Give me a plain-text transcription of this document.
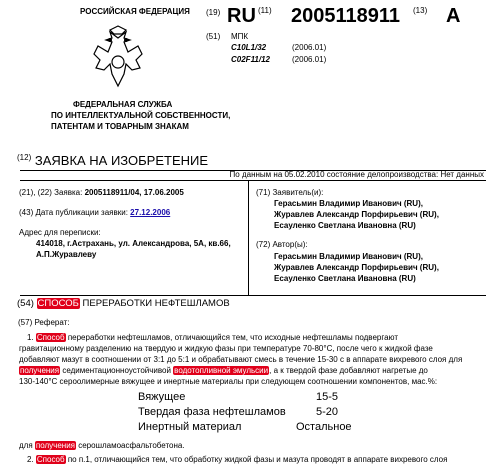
РОССИЙСКАЯ ФЕДЕРАЦИЯ
ФЕДЕРАЛЬНАЯ СЛУЖБА
ПО ИНТЕЛЛЕКТУАЛЬНОЙ СОБСТВЕННОСТИ,
ПАТЕНТАМ И ТОВАРНЫМ ЗНАКАМ
(19) RU (11) 2005118911 (13) A
(51) МПК
C10L1/32	(2006.01)
C02F11/12	(2006.01)
$^{(12)}$ ЗАЯВКА НА ИЗОБРЕТЕНИЕ
По данным на 05.02.2010 состояние делопроизводства: Нет данных
(21), (22) Заявка: 2005118911/04, 17.06.2005
(43) Дата публикации заявки: 27.12.2006
Адрес для переписки:
414018, г.Астрахань, ул. Александрова, 5А, кв.66,
А.П.Журавлеву
(71) Заявитель(и):
Герасьмин Владимир Иванович (RU),
Журавлев Александр Порфирьевич (RU),
Есауленко Светлана Ивановна (RU)
(72) Автор(ы):
Герасьмин Владимир Иванович (RU),
Журавлев Александр Порфирьевич (RU),
Есауленко Светлана Ивановна (RU)
(54) СПОСОБ ПЕРЕРАБОТКИ НЕФТЕШЛАМОВ
(57) Реферат:
1. Способ переработки нефтешламов, отличающийся тем, что исходные нефтешламы подвергают
гравитационному разделению на твердую и жидкую фазы при температуре 70-80°С, после чего к жидкой фазе
добавляют мазут в соотношении от 3:1 до 5:1 и обрабатывают смесь в течение 15-30 с в аппарате вихревого слоя для
получения седиментационноустойчивой водотопливной эмульсии, а к твердой фазе добавляют нагретые до
130-140°С сероолимерные вяжущее и инертные материалы при следующем соотношении компонентов, мас.%:
Вяжущее	15-5
Твердая фаза нефтешламов	5-20
Инертный материал	Остальное
для получения серошламоасфальтобетона.
2. Способ по п.1, отличающийся тем, что обработку жидкой фазы и мазута проводят в аппарате вихревого слоя
